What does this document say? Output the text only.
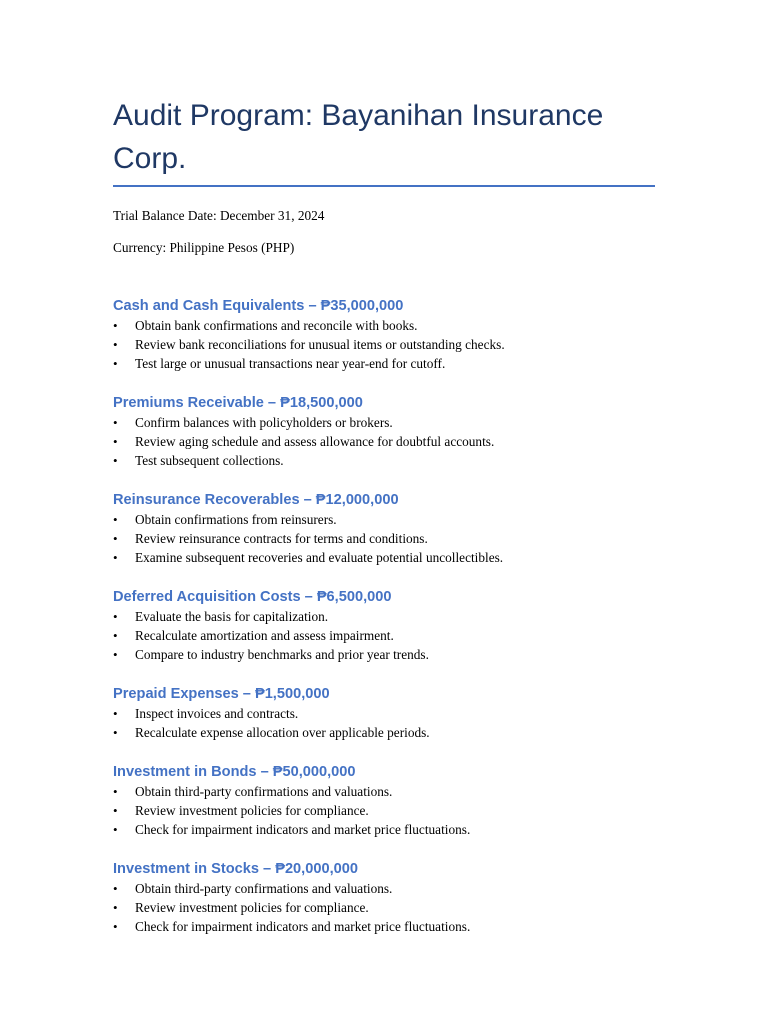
Audit Program: Bayanihan Insurance Corp.

Trial Balance Date: December 31, 2024

Currency: Philippine Pesos (PHP)

Cash and Cash Equivalents – ₱35,000,000
• Obtain bank confirmations and reconcile with books.
• Review bank reconciliations for unusual items or outstanding checks.
• Test large or unusual transactions near year-end for cutoff.
Premiums Receivable – ₱18,500,000
• Confirm balances with policyholders or brokers.
• Review aging schedule and assess allowance for doubtful accounts.
• Test subsequent collections.
Reinsurance Recoverables – ₱12,000,000
• Obtain confirmations from reinsurers.
• Review reinsurance contracts for terms and conditions.
• Examine subsequent recoveries and evaluate potential uncollectibles.
Deferred Acquisition Costs – ₱6,500,000
• Evaluate the basis for capitalization.
• Recalculate amortization and assess impairment.
• Compare to industry benchmarks and prior year trends.
Prepaid Expenses – ₱1,500,000
• Inspect invoices and contracts.
• Recalculate expense allocation over applicable periods.
Investment in Bonds – ₱50,000,000
• Obtain third-party confirmations and valuations.
• Review investment policies for compliance.
• Check for impairment indicators and market price fluctuations.
Investment in Stocks – ₱20,000,000
• Obtain third-party confirmations and valuations.
• Review investment policies for compliance.
• Check for impairment indicators and market price fluctuations.
